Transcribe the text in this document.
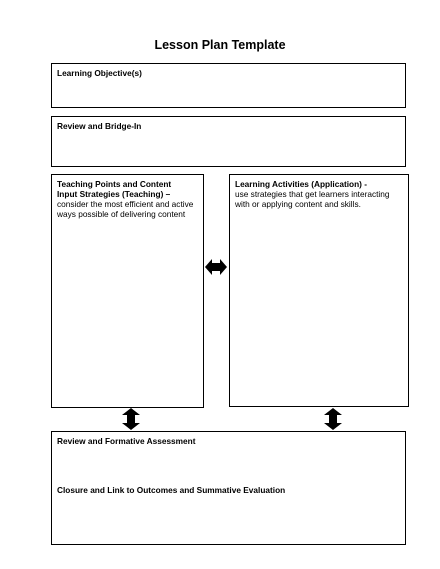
Lesson Plan Template
Learning Objective(s)
Review and Bridge-In
Teaching Points and Content
Input Strategies (Teaching) –
consider the most efficient and active
ways possible of delivering content
Learning Activities (Application) -
use strategies that get learners interacting
with or applying content and skills.
Review and Formative Assessment
Closure and Link to Outcomes and Summative Evaluation
